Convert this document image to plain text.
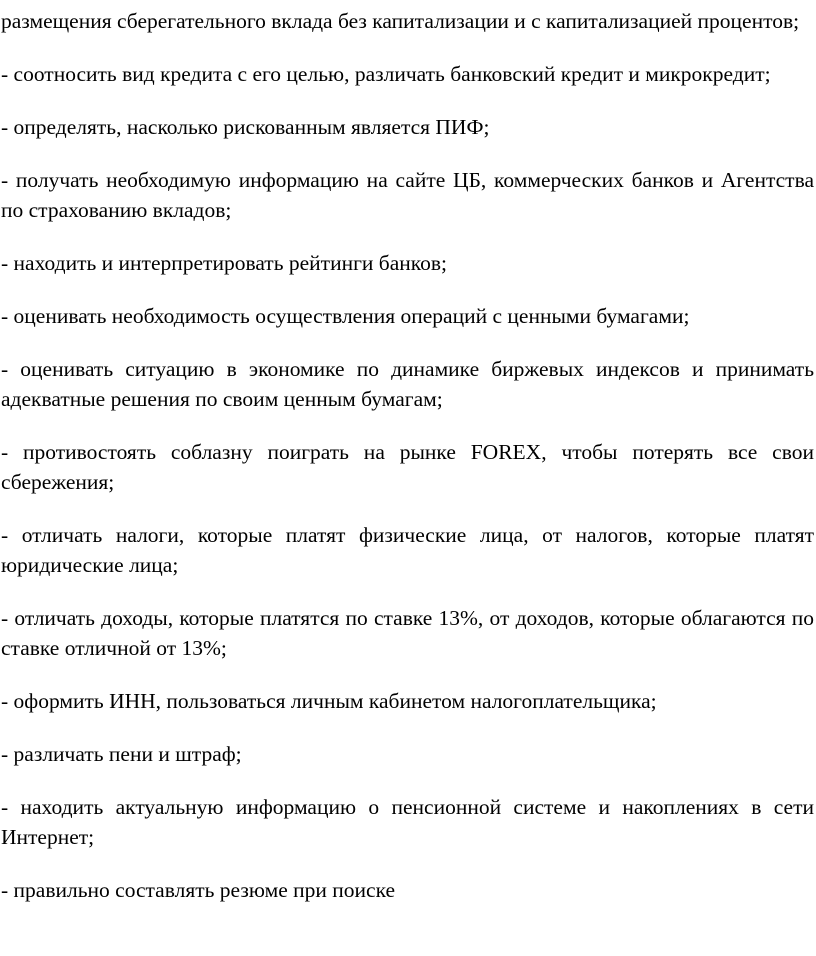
размещения сберегательного вклада без капитализации и с капитализацией процентов;

- соотносить вид кредита с его целью, различать банковский кредит и микрокредит;

- определять, насколько рискованным является ПИФ;

- получать необходимую информацию на сайте ЦБ, коммерческих банков и Агентства по страхованию вкладов;

- находить и интерпретировать рейтинги банков;

- оценивать необходимость осуществления операций с ценными бумагами;

- оценивать ситуацию в экономике по динамике биржевых индексов и принимать адекватные решения по своим ценным бумагам;

- противостоять соблазну поиграть на рынке FOREX, чтобы потерять все свои сбережения;

- отличать налоги, которые платят физические лица, от налогов, которые платят юридические лица;

- отличать доходы, которые платятся по ставке 13%, от доходов, которые облагаются по ставке отличной от 13%;

- оформить ИНН, пользоваться личным кабинетом налогоплательщика;

- различать пени и штраф;

- находить актуальную информацию о пенсионной системе и накоплениях в сети Интернет;

- правильно составлять резюме при поиске
